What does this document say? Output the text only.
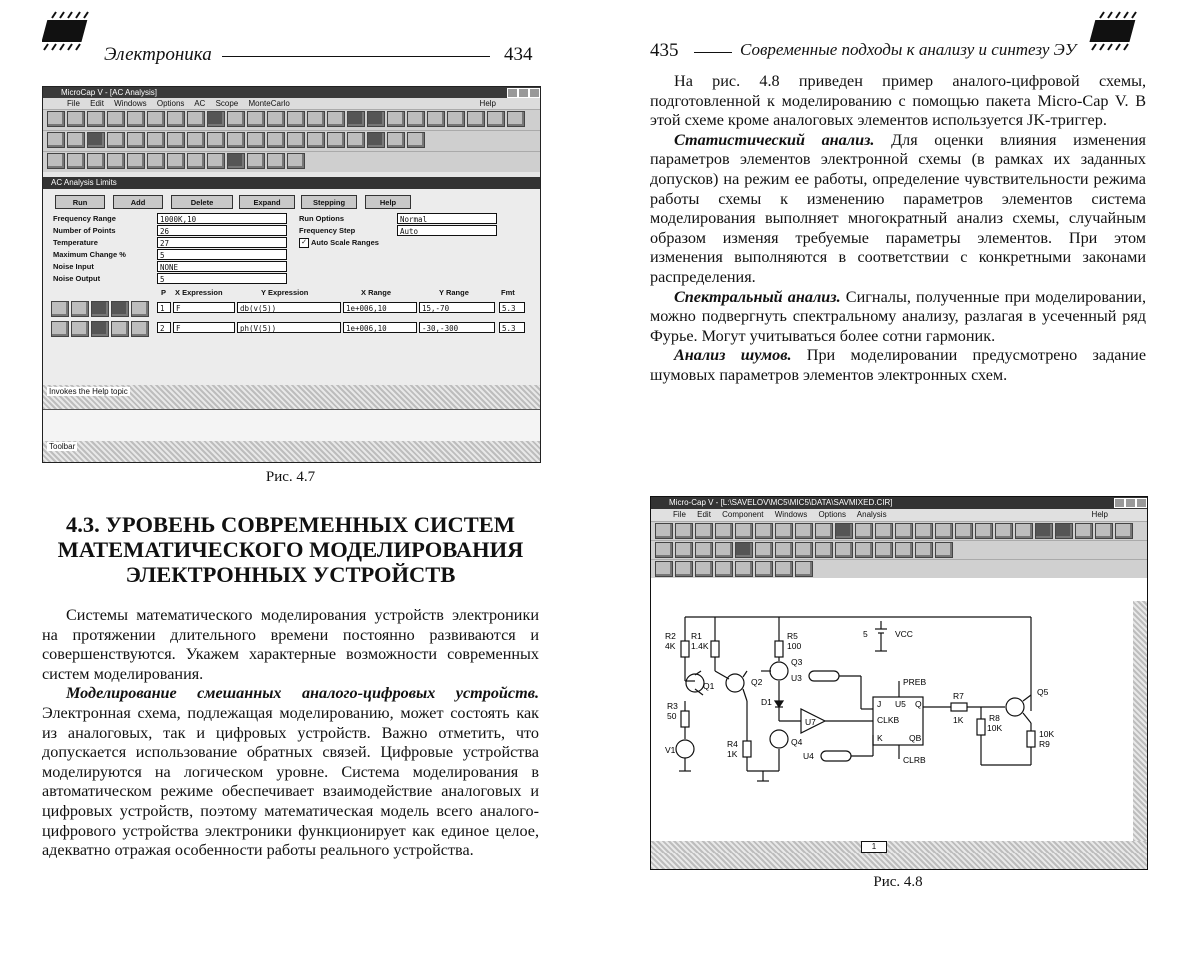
Электроника	434
MicroCap V - [AC Analysis]
File Edit Windows Options AC Scope MonteCarlo	Help
AC Analysis Limits
Run	Add	Delete	Expand	Stepping	Help
Frequency Range	1000K,10
Number of Points	26
Temperature	27
Maximum Change %	5
Noise Input	NONE
Noise Output	5
Run Options	Normal
Frequency Step	Auto
✓ Auto Scale Ranges
P X Expression	Y Expression	X Range	Y Range	Fmt
1	F	db(v(5))	1e+006,10	15,-70	5.3
2	F	ph(V(5))	1e+006,10	-30,-300	5.3
Invokes the Help topic
Toolbar
Рис. 4.7
4.3. УРОВЕНЬ СОВРЕМЕННЫХ СИСТЕМ
МАТЕМАТИЧЕСКОГО МОДЕЛИРОВАНИЯ
ЭЛЕКТРОННЫХ УСТРОЙСТВ

Системы математического моделирования устройств электроники на протяжении длительного времени постоянно развиваются и совершенствуются. Укажем характерные возможности современных систем моделирования.

Моделирование смешанных аналого-цифровых устройств. Электронная схема, подлежащая моделированию, может состоять как из аналоговых, так и цифровых устройств. Важно отметить, что допускается использование обратных связей. Цифровые устройства моделируются на логическом уровне. Система моделирования в автоматическом режиме обеспечивает взаимодействие аналоговых и цифровых устройств, поэтому математическая модель всего аналого-цифрового устройства электроники функционирует как единое целое, адекватно отражая особенности работы реального устройства.

435	Современные подходы к анализу и синтезу ЭУ

На рис. 4.8 приведен пример аналого-цифровой схемы, подготовленной к моделированию с помощью пакета Micro-Cap V. В этой схеме кроме аналоговых элементов используется JK-триггер.

Статистический анализ. Для оценки влияния изменения параметров элементов электронной схемы (в рамках их заданных допусков) на режим ее работы, определение чувствительности режима работы схемы к изменению параметров элементов система моделирования выполняет многократный анализ схемы, случайным образом изменяя требуемые параметры элементов. При этом изменения выполняются в соответствии с конкретными законами распределения.

Спектральный анализ. Сигналы, полученные при моделировании, можно подвергнуть спектральному анализу, разлагая в усеченный ряд Фурье. Могут учитываться более сотни гармоник.

Анализ шумов. При моделировании предусмотрено задание шумовых параметров элементов электронных схем.

Micro-Cap V - [L:\SAVELOV\MC5\MIC5\DATA\SAVMIXED.CIR]
File Edit Component Windows Options Analysis	Help
R2
4K
R1
1.4K
R5
100
5	VCC
Q3
U3	PREB
Q1	Q2
R3
50
D1
U7
J U5 Q
CLKB
K	QB
R7
1K	R8
10K
Q5
10K
R9
V1
R4
1K
Q4
U4	CLRB
1
Рис. 4.8
